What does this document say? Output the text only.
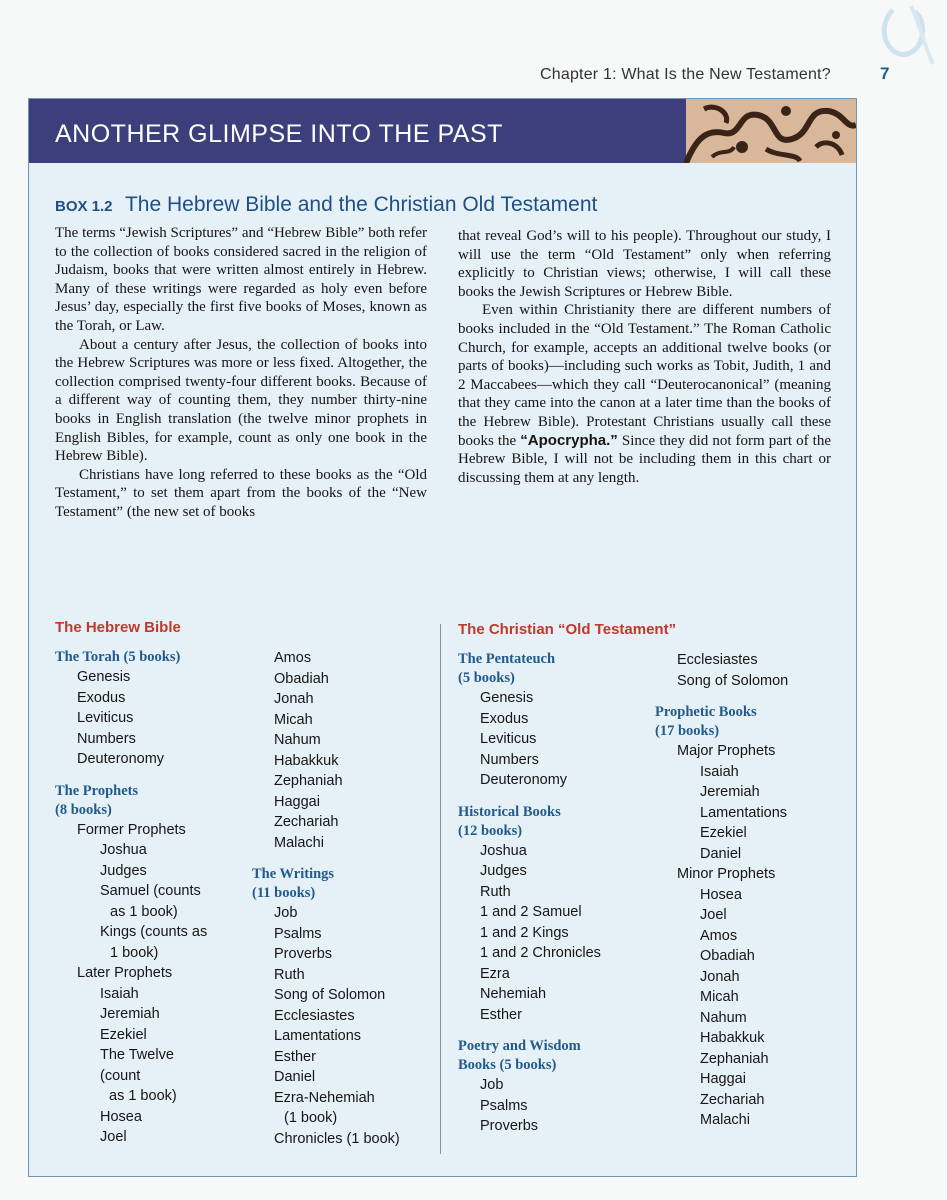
Chapter 1: What Is the New Testament?	7
ANOTHER GLIMPSE INTO THE PAST
BOX 1.2 The Hebrew Bible and the Christian Old Testament

The terms “Jewish Scriptures” and “Hebrew Bible” both refer to the collection of books considered sacred in the religion of Judaism, books that were written almost entirely in Hebrew. Many of these writings were regarded as holy even before Jesus’ day, especially the first five books of Moses, known as the Torah, or Law.

About a century after Jesus, the collection of books into the Hebrew Scriptures was more or less fixed. Altogether, the collection comprised twenty-four different books. Because of a different way of counting them, they number thirty-nine books in English translation (the twelve minor prophets in English Bibles, for example, count as only one book in the Hebrew Bible).

Christians have long referred to these books as the “Old Testament,” to set them apart from the books of the “New Testament” (the new set of books

that reveal God’s will to his people). Throughout our study, I will use the term “Old Testament” only when referring explicitly to Christian views; otherwise, I will call these books the Jewish Scriptures or Hebrew Bible.

Even within Christianity there are different numbers of books included in the “Old Testament.” The Roman Catholic Church, for example, accepts an additional twelve books (or parts of books)—including such works as Tobit, Judith, 1 and 2 Maccabees—which they call “Deuterocanonical” (meaning that they came into the canon at a later time than the books of the Hebrew Bible). Protestant Christians usually call these books the “Apocrypha.” Since they did not form part of the Hebrew Bible, I will not be including them in this chart or discussing them at any length.

The Hebrew Bible
The Torah (5 books)
Genesis
Exodus
Leviticus
Numbers
Deuteronomy
The Prophets
(8 books)
Former Prophets
Joshua
Judges
Samuel (counts
as 1 book)
Kings (counts as
1 book)
Later Prophets
Isaiah
Jeremiah
Ezekiel
The Twelve
(count
as 1 book)
Hosea
Joel
Amos
Obadiah
Jonah
Micah
Nahum
Habakkuk
Zephaniah
Haggai
Zechariah
Malachi
The Writings
(11 books)
Job
Psalms
Proverbs
Ruth
Song of Solomon
Ecclesiastes
Lamentations
Esther
Daniel
Ezra-Nehemiah
(1 book)
Chronicles (1 book)
The Christian “Old Testament”
The Pentateuch
(5 books)
Genesis
Exodus
Leviticus
Numbers
Deuteronomy
Historical Books
(12 books)
Joshua
Judges
Ruth
1 and 2 Samuel
1 and 2 Kings
1 and 2 Chronicles
Ezra
Nehemiah
Esther
Poetry and Wisdom
Books (5 books)
Job
Psalms
Proverbs
Ecclesiastes
Song of Solomon
Prophetic Books
(17 books)
Major Prophets
Isaiah
Jeremiah
Lamentations
Ezekiel
Daniel
Minor Prophets
Hosea
Joel
Amos
Obadiah
Jonah
Micah
Nahum
Habakkuk
Zephaniah
Haggai
Zechariah
Malachi
